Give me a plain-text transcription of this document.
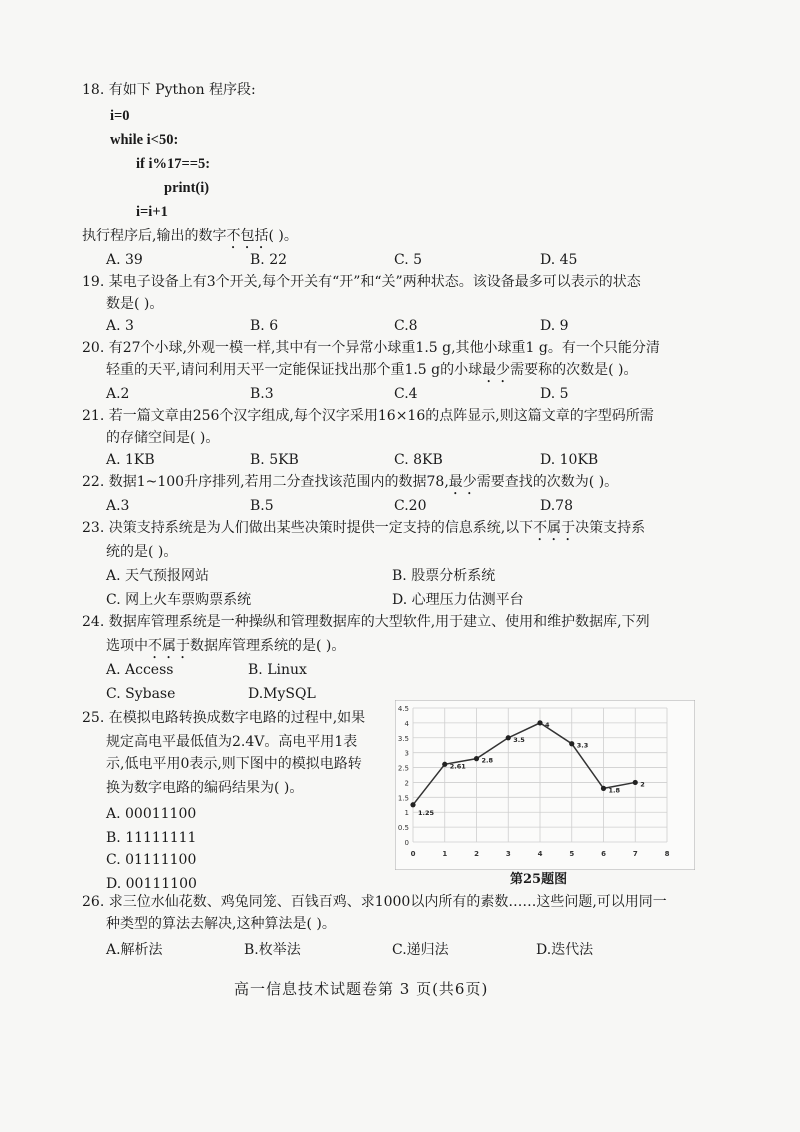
18. 有如下 Python 程序段:
i=0
while i<50:
if i%17==5:
print(i)
i=i+1
执行程序后,输出的数字不包括( )。
A. 39	B. 22	C. 5	D. 45
19. 某电子设备上有3个开关,每个开关有“开”和“关”两种状态。该设备最多可以表示的状态
数是( )。
A. 3	B. 6	C.8	D. 9
20. 有27个小球,外观一模一样,其中有一个异常小球重1.5 g,其他小球重1 g。有一个只能分清
轻重的天平,请问利用天平一定能保证找出那个重1.5 g的小球最少需要称的次数是( )。
A.2	B.3	C.4	D. 5
21. 若一篇文章由256个汉字组成,每个汉字采用16×16的点阵显示,则这篇文章的字型码所需
的存储空间是( )。
A. 1KB	B. 5KB	C. 8KB	D. 10KB
22. 数据1~100升序排列,若用二分查找该范围内的数据78,最少需要查找的次数为( )。
A.3	B.5	C.20	D.78
23. 决策支持系统是为人们做出某些决策时提供一定支持的信息系统,以下不属于决策支持系
统的是( )。
A. 天气预报网站	B. 股票分析系统
C. 网上火车票购票系统	D. 心理压力估测平台
24. 数据库管理系统是一种操纵和管理数据库的大型软件,用于建立、使用和维护数据库,下列
选项中不属于数据库管理系统的是( )。
A. Access	B. Linux
C. Sybase	D.MySQL
25. 在模拟电路转换成数字电路的过程中,如果
规定高电平最低值为2.4V。高电平用1表
示,低电平用0表示,则下图中的模拟电路转
换为数字电路的编码结果为( )。
A. 00011100
B. 11111111
C. 01111100
D. 00111100
0
0.5
1
1.5
2
2.5
3
3.5
4
4.5
0	1	2	3	4	5	6	7	8
1.25
2.61
2.8
3.5
4
3.3
1.8
2
第25题图
26. 求三位水仙花数、鸡兔同笼、百钱百鸡、求1000以内所有的素数……这些问题,可以用同一
种类型的算法去解决,这种算法是( )。
A.解析法	B.枚举法	C.递归法	D.迭代法
高一信息技术试题卷第 3 页(共6页)
